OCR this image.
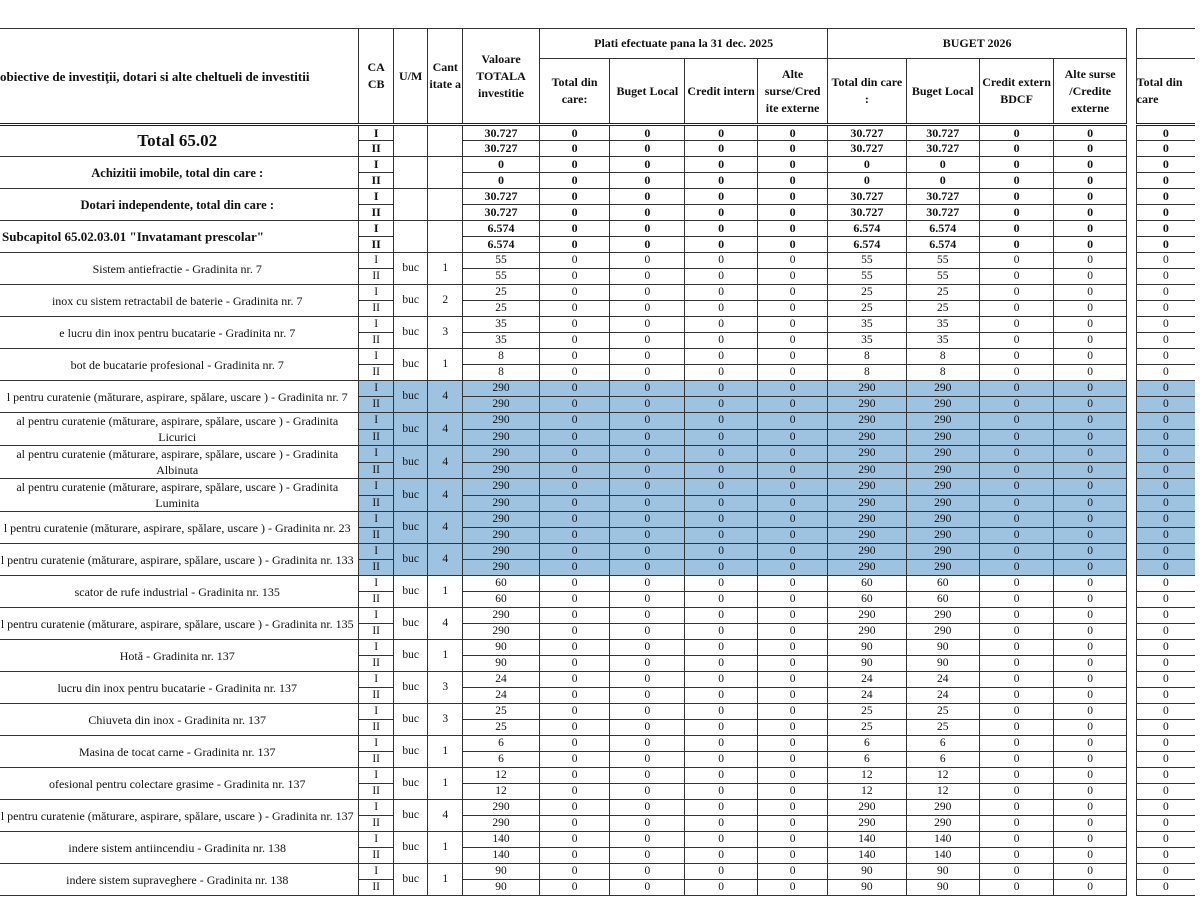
obiective de investiţii, dotari si alte cheltueli de investitii	CA
CB	U/M	Cant itate a	Valoare TOTALA investitie	Plati efectuate pana la 31 dec. 2025				BUGET 2026					
					Total din care:	Buget Local	Credit intern	Alte surse/Cred ite externe	Total din care :	Buget Local	Credit extern BDCF	Alte surse /Credite externe		Total din care
Total 65.02	I			30.727	0	0	0	0	30.727	30.727	0	0		0
	II			30.727	0	0	0	0	30.727	30.727	0	0		0
Achizitii imobile, total din care :	I			0	0	0	0	0	0	0	0	0		0
	II			0	0	0	0	0	0	0	0	0		0
Dotari independente, total din care :	I			30.727	0	0	0	0	30.727	30.727	0	0		0
	II			30.727	0	0	0	0	30.727	30.727	0	0		0
Subcapitol 65.02.03.01 "Invatamant prescolar"	I			6.574	0	0	0	0	6.574	6.574	0	0		0
	II			6.574	0	0	0	0	6.574	6.574	0	0		0
Sistem antiefractie - Gradinita nr. 7	I	buc	1	55	0	0	0	0	55	55	0	0		0
	II			55	0	0	0	0	55	55	0	0		0
inox cu sistem retractabil de baterie - Gradinita nr. 7	I	buc	2	25	0	0	0	0	25	25	0	0		0
	II			25	0	0	0	0	25	25	0	0		0
e lucru din inox pentru bucatarie - Gradinita nr. 7	I	buc	3	35	0	0	0	0	35	35	0	0		0
	II			35	0	0	0	0	35	35	0	0		0
bot de bucatarie profesional - Gradinita nr. 7	I	buc	1	8	0	0	0	0	8	8	0	0		0
	II			8	0	0	0	0	8	8	0	0		0
l pentru curatenie (măturare, aspirare, spălare, uscare ) - Gradinita nr. 7	I	buc	4	290	0	0	0	0	290	290	0	0		0
	II			290	0	0	0	0	290	290	0	0		0
al pentru curatenie (măturare, aspirare, spălare, uscare ) - Gradinita Licurici	I	buc	4	290	0	0	0	0	290	290	0	0		0
	II			290	0	0	0	0	290	290	0	0		0
al pentru curatenie (măturare, aspirare, spălare, uscare ) - Gradinita Albinuta	I	buc	4	290	0	0	0	0	290	290	0	0		0
	II			290	0	0	0	0	290	290	0	0		0
al pentru curatenie (măturare, aspirare, spălare, uscare ) - Gradinita Luminita	I	buc	4	290	0	0	0	0	290	290	0	0		0
	II			290	0	0	0	0	290	290	0	0		0
l pentru curatenie (măturare, aspirare, spălare, uscare ) - Gradinita nr. 23	I	buc	4	290	0	0	0	0	290	290	0	0		0
	II			290	0	0	0	0	290	290	0	0		0
l pentru curatenie (măturare, aspirare, spălare, uscare ) - Gradinita nr. 133	I	buc	4	290	0	0	0	0	290	290	0	0		0
	II			290	0	0	0	0	290	290	0	0		0
scator de rufe industrial - Gradinita nr. 135	I	buc	1	60	0	0	0	0	60	60	0	0		0
	II			60	0	0	0	0	60	60	0	0		0
l pentru curatenie (măturare, aspirare, spălare, uscare ) - Gradinita nr. 135	I	buc	4	290	0	0	0	0	290	290	0	0		0
	II			290	0	0	0	0	290	290	0	0		0
Hotă - Gradinita nr. 137	I	buc	1	90	0	0	0	0	90	90	0	0		0
	II			90	0	0	0	0	90	90	0	0		0
lucru din inox pentru bucatarie - Gradinita nr. 137	I	buc	3	24	0	0	0	0	24	24	0	0		0
	II			24	0	0	0	0	24	24	0	0		0
Chiuveta din inox - Gradinita nr. 137	I	buc	3	25	0	0	0	0	25	25	0	0		0
	II			25	0	0	0	0	25	25	0	0		0
Masina de tocat carne - Gradinita nr. 137	I	buc	1	6	0	0	0	0	6	6	0	0		0
	II			6	0	0	0	0	6	6	0	0		0
ofesional pentru colectare grasime - Gradinita nr. 137	I	buc	1	12	0	0	0	0	12	12	0	0		0
	II			12	0	0	0	0	12	12	0	0		0
l pentru curatenie (măturare, aspirare, spălare, uscare ) - Gradinita nr. 137	I	buc	4	290	0	0	0	0	290	290	0	0		0
	II			290	0	0	0	0	290	290	0	0		0
indere sistem antiincendiu - Gradinita nr. 138	I	buc	1	140	0	0	0	0	140	140	0	0		0
	II			140	0	0	0	0	140	140	0	0		0
indere sistem supraveghere - Gradinita nr. 138	I	buc	1	90	0	0	0	0	90	90	0	0		0
	II			90	0	0	0	0	90	90	0	0		0
